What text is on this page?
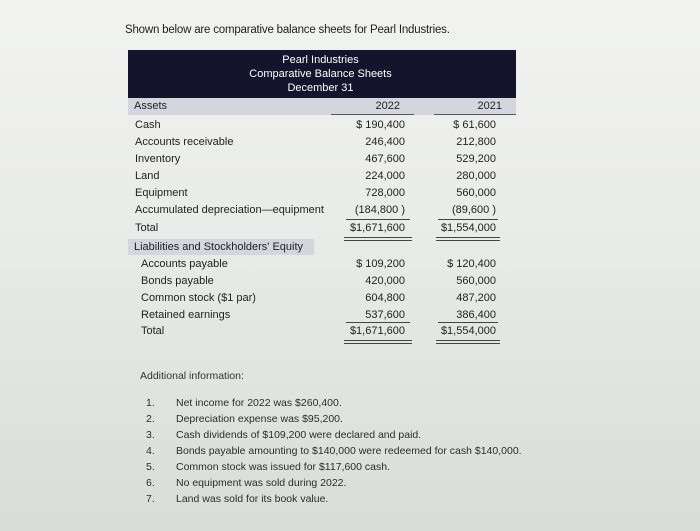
Shown below are comparative balance sheets for Pearl Industries.
Pearl Industries
Comparative Balance Sheets
December 31
Assets	2022	2021
Cash	$ 190,400	$ 61,600
Accounts receivable	246,400	212,800
Inventory	467,600	529,200
Land	224,000	280,000
Equipment	728,000	560,000
Accumulated depreciation—equipment	(184,800 )	(89,600 )
Total	$1,671,600	$1,554,000
Liabilities and Stockholders' Equity
Accounts payable	$ 109,200	$ 120,400
Bonds payable	420,000	560,000
Common stock ($1 par)	604,800	487,200
Retained earnings	537,600	386,400
Total	$1,671,600	$1,554,000
Additional information:
1. Net income for 2022 was $260,400.
2. Depreciation expense was $95,200.
3. Cash dividends of $109,200 were declared and paid.
4. Bonds payable amounting to $140,000 were redeemed for cash $140,000.
5. Common stock was issued for $117,600 cash.
6. No equipment was sold during 2022.
7. Land was sold for its book value.
